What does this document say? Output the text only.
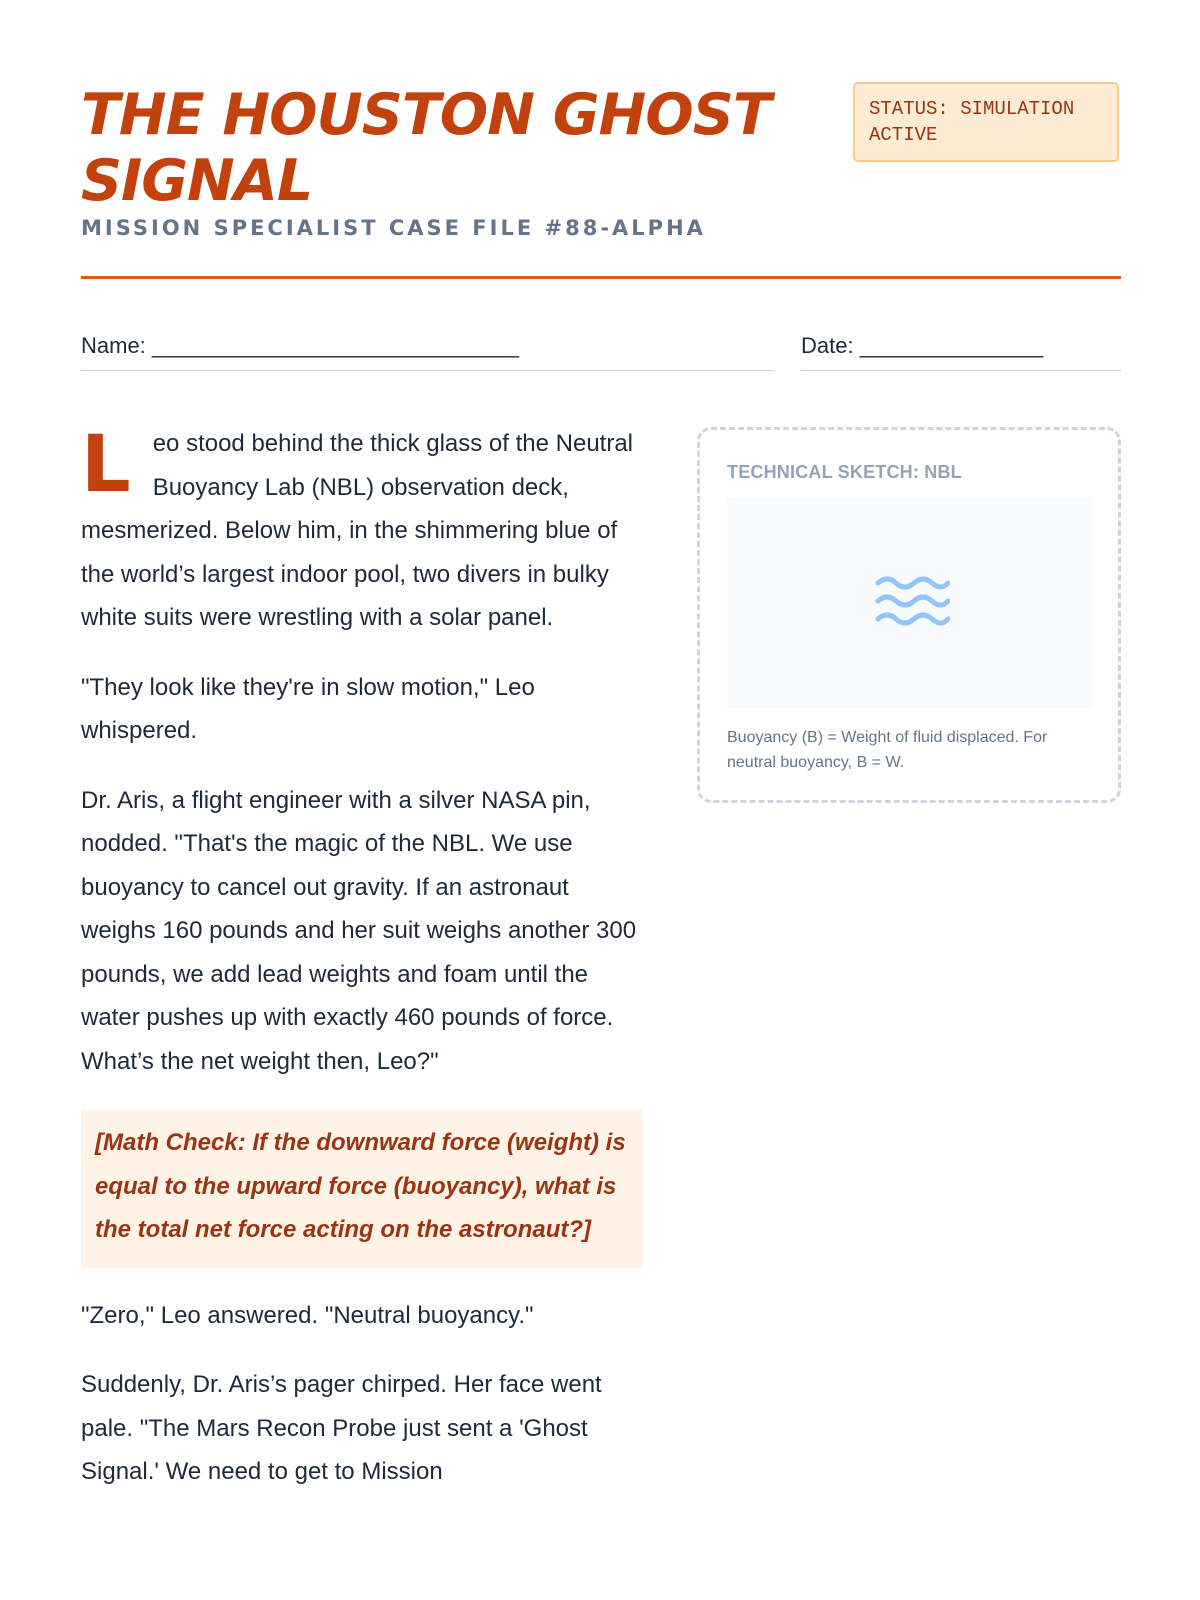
THE HOUSTON GHOST SIGNAL
MISSION SPECIALIST CASE FILE #88-ALPHA
STATUS: SIMULATION ACTIVE
Name: ______________________________	Date: _______________

Leo stood behind the thick glass of the Neutral Buoyancy Lab (NBL) observation deck, mesmerized. Below him, in the shimmering blue of the world’s largest indoor pool, two divers in bulky white suits were wrestling with a solar panel.

"They look like they're in slow motion," Leo whispered.

Dr. Aris, a flight engineer with a silver NASA pin, nodded. "That's the magic of the NBL. We use buoyancy to cancel out gravity. If an astronaut weighs 160 pounds and her suit weighs another 300 pounds, we add lead weights and foam until the water pushes up with exactly 460 pounds of force. What’s the net weight then, Leo?"

[Math Check: If the downward force (weight) is equal to the upward force (buoyancy), what is the total net force acting on the astronaut?]

"Zero," Leo answered. "Neutral buoyancy."

Suddenly, Dr. Aris’s pager chirped. Her face went pale. "The Mars Recon Probe just sent a 'Ghost Signal.' We need to get to Mission

TECHNICAL SKETCH: NBL
Buoyancy (B) = Weight of fluid displaced. For neutral buoyancy, B = W.
